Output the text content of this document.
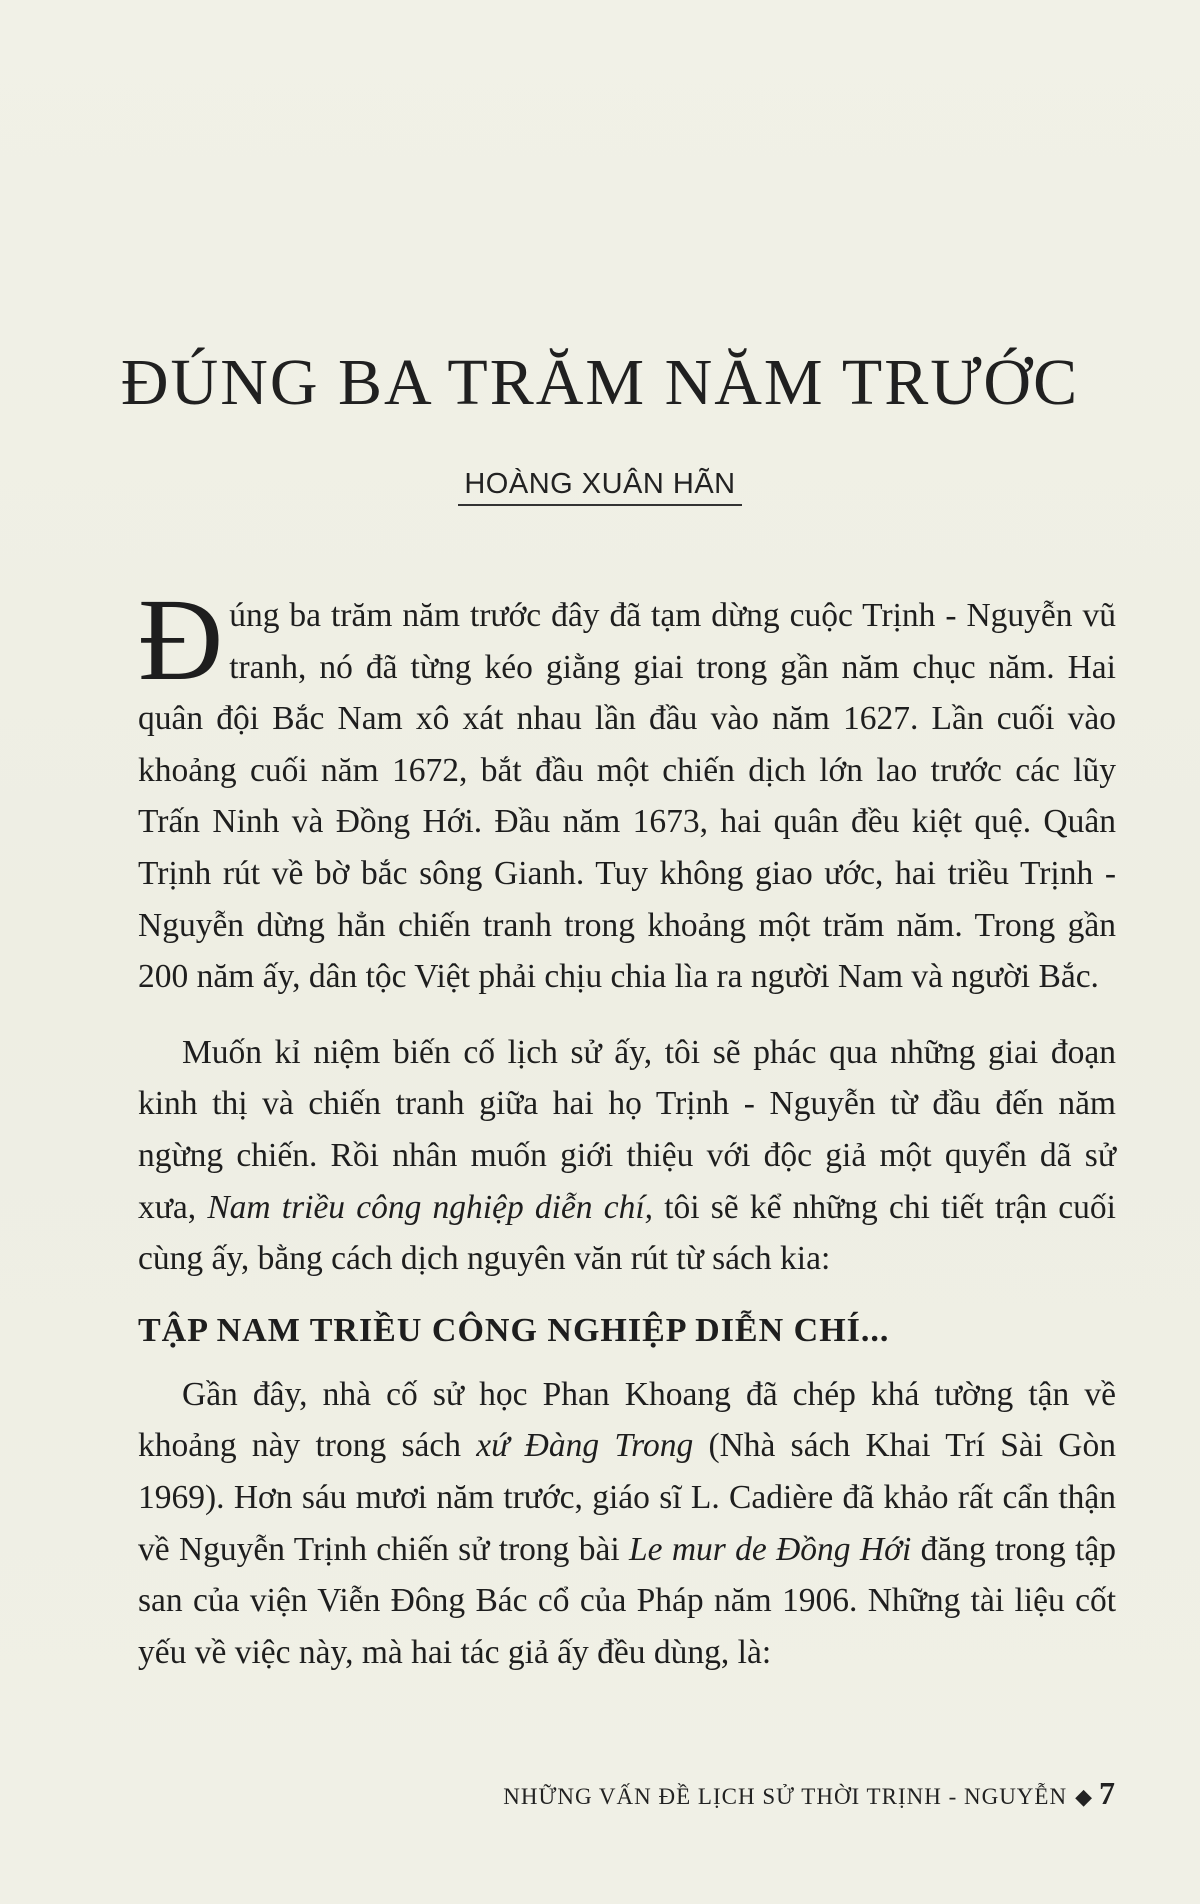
ĐÚNG BA TRĂM NĂM TRƯỚC
HOÀNG XUÂN HÃN

Đúng ba trăm năm trước đây đã tạm dừng cuộc Trịnh - Nguyễn vũ tranh, nó đã từng kéo giằng giai trong gần năm chục năm. Hai quân đội Bắc Nam xô xát nhau lần đầu vào năm 1627. Lần cuối vào khoảng cuối năm 1672, bắt đầu một chiến dịch lớn lao trước các lũy Trấn Ninh và Đồng Hới. Đầu năm 1673, hai quân đều kiệt quệ. Quân Trịnh rút về bờ bắc sông Gianh. Tuy không giao ước, hai triều Trịnh - Nguyễn dừng hẳn chiến tranh trong khoảng một trăm năm. Trong gần 200 năm ấy, dân tộc Việt phải chịu chia lìa ra người Nam và người Bắc.

Muốn kỉ niệm biến cố lịch sử ấy, tôi sẽ phác qua những giai đoạn kinh thị và chiến tranh giữa hai họ Trịnh - Nguyễn từ đầu đến năm ngừng chiến. Rồi nhân muốn giới thiệu với độc giả một quyển dã sử xưa, Nam triều công nghiệp diễn chí, tôi sẽ kể những chi tiết trận cuối cùng ấy, bằng cách dịch nguyên văn rút từ sách kia:

TẬP NAM TRIỀU CÔNG NGHIỆP DIỄN CHÍ...

Gần đây, nhà cố sử học Phan Khoang đã chép khá tường tận về khoảng này trong sách xứ Đàng Trong (Nhà sách Khai Trí Sài Gòn 1969). Hơn sáu mươi năm trước, giáo sĩ L. Cadière đã khảo rất cẩn thận về Nguyễn Trịnh chiến sử trong bài Le mur de Đồng Hới đăng trong tập san của viện Viễn Đông Bác cổ của Pháp năm 1906. Những tài liệu cốt yếu về việc này, mà hai tác giả ấy đều dùng, là:

NHỮNG VẤN ĐỀ LỊCH SỬ THỜI TRỊNH - NGUYỄN ◆ 7
